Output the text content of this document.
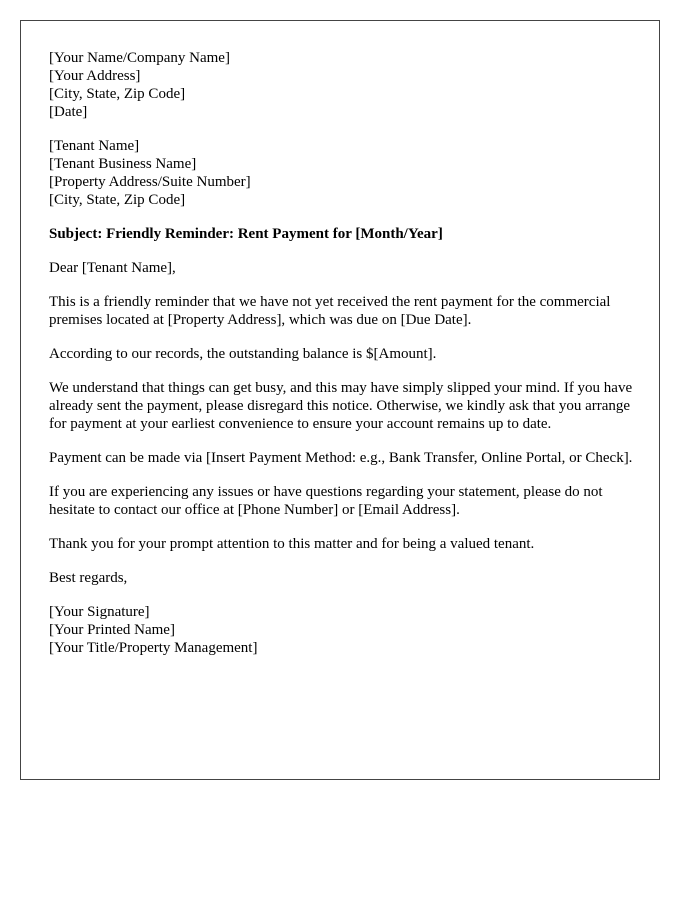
[Your Name/Company Name]
[Your Address]
[City, State, Zip Code]
[Date]
[Tenant Name]
[Tenant Business Name]
[Property Address/Suite Number]
[City, State, Zip Code]

Subject: Friendly Reminder: Rent Payment for [Month/Year]

Dear [Tenant Name],

This is a friendly reminder that we have not yet received the rent payment for the commercial premises located at [Property Address], which was due on [Due Date].

According to our records, the outstanding balance is $[Amount].

We understand that things can get busy, and this may have simply slipped your mind. If you have already sent the payment, please disregard this notice. Otherwise, we kindly ask that you arrange for payment at your earliest convenience to ensure your account remains up to date.

Payment can be made via [Insert Payment Method: e.g., Bank Transfer, Online Portal, or Check].

If you are experiencing any issues or have questions regarding your statement, please do not hesitate to contact our office at [Phone Number] or [Email Address].

Thank you for your prompt attention to this matter and for being a valued tenant.

Best regards,

[Your Signature]
[Your Printed Name]
[Your Title/Property Management]
